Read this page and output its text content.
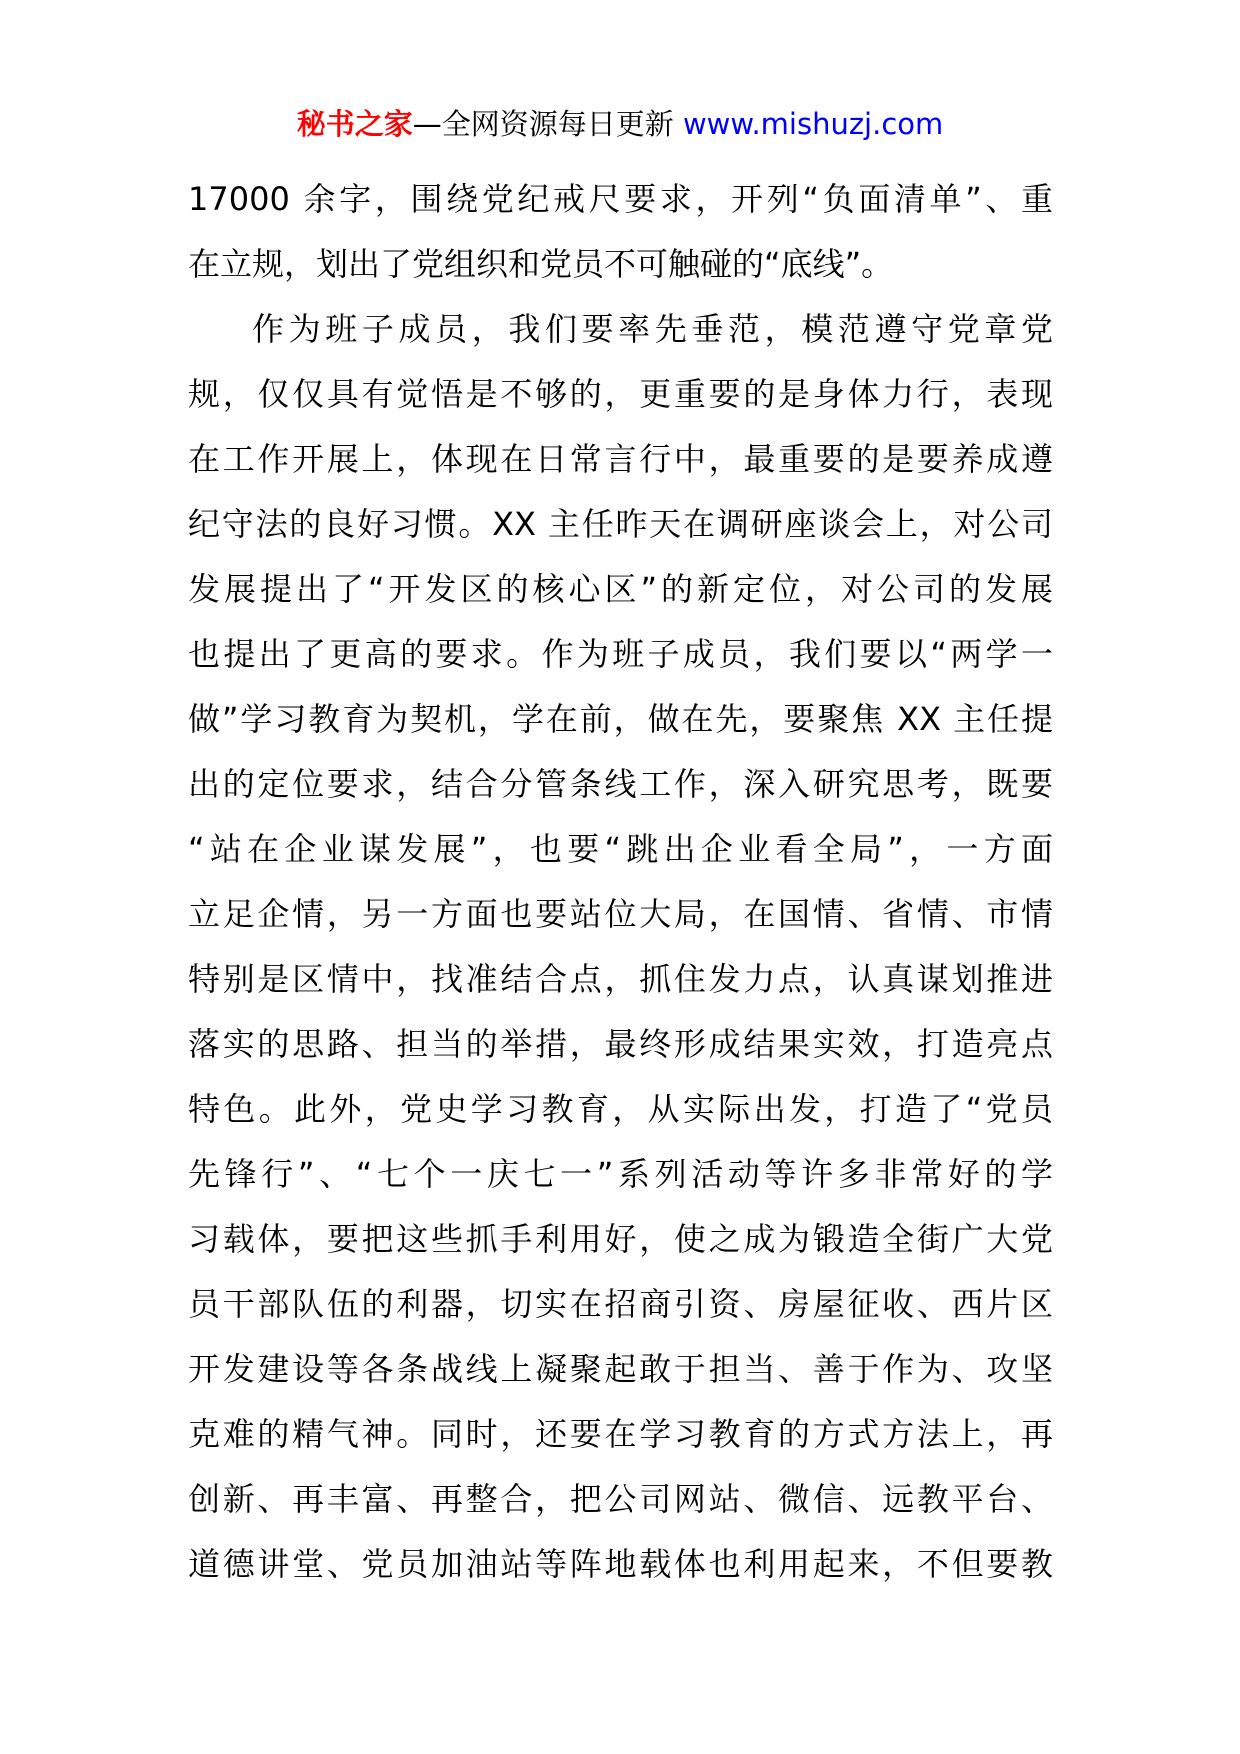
秘书之家—全网资源每日更新 www.mishuzj.com
17000 余字，围绕党纪戒尺要求，开列“负面清单”、重
在立规，划出了党组织和党员不可触碰的“底线”。
作为班子成员，我们要率先垂范，模范遵守党章党
规，仅仅具有觉悟是不够的，更重要的是身体力行，表现
在工作开展上，体现在日常言行中，最重要的是要养成遵
纪守法的良好习惯。XX 主任昨天在调研座谈会上，对公司
发展提出了“开发区的核心区”的新定位，对公司的发展
也提出了更高的要求。作为班子成员，我们要以“两学一
做”学习教育为契机，学在前，做在先，要聚焦 XX 主任提
出的定位要求，结合分管条线工作，深入研究思考，既要
“站在企业谋发展”，也要“跳出企业看全局”，一方面
立足企情，另一方面也要站位大局，在国情、省情、市情
特别是区情中，找准结合点，抓住发力点，认真谋划推进
落实的思路、担当的举措，最终形成结果实效，打造亮点
特色。此外，党史学习教育，从实际出发，打造了“党员
先锋行”、“七个一庆七一”系列活动等许多非常好的学
习载体，要把这些抓手利用好，使之成为锻造全街广大党
员干部队伍的利器，切实在招商引资、房屋征收、西片区
开发建设等各条战线上凝聚起敢于担当、善于作为、攻坚
克难的精气神。同时，还要在学习教育的方式方法上，再
创新、再丰富、再整合，把公司网站、微信、远教平台、
道德讲堂、党员加油站等阵地载体也利用起来，不但要教
